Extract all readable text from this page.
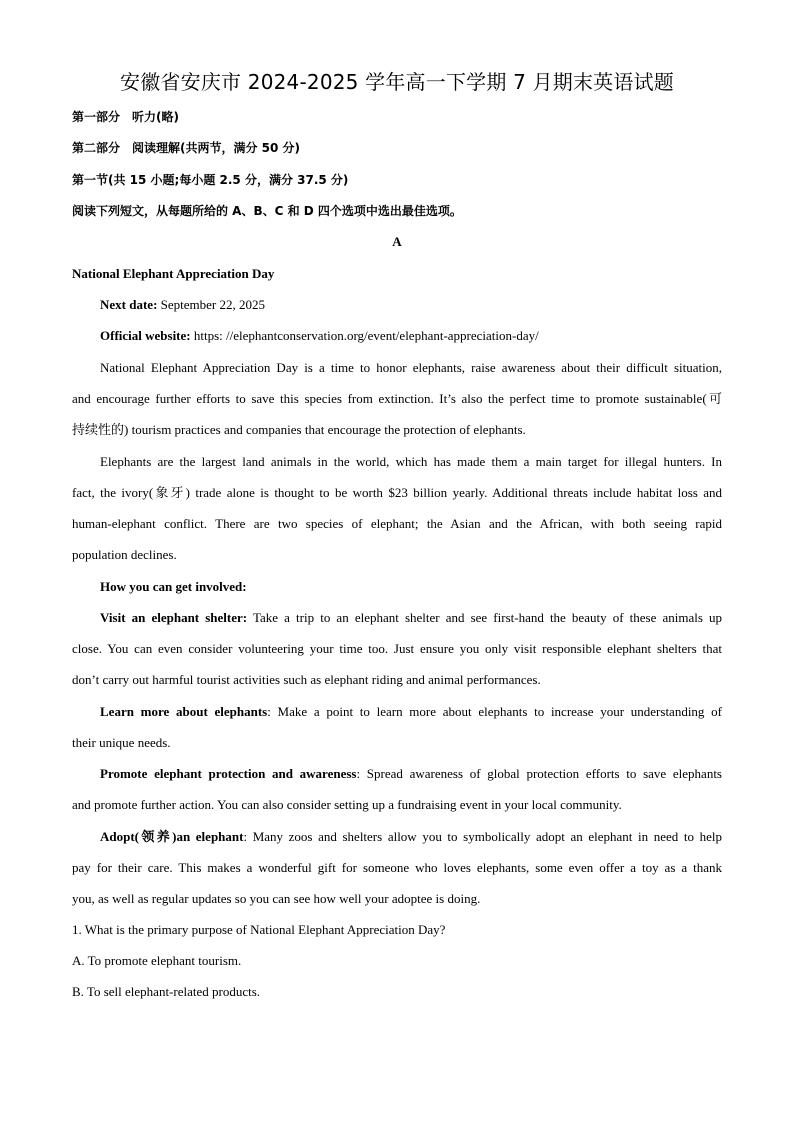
安徽省安庆市 2024-2025 学年高一下学期 7 月期末英语试题
第一部分　听力(略)
第二部分　阅读理解(共两节，满分 50 分)
第一节(共 15 小题;每小题 2.5 分，满分 37.5 分)
阅读下列短文，从每题所给的 A、B、C 和 D 四个选项中选出最佳选项。
A
National Elephant Appreciation Day
Next date: September 22, 2025
Official website: https: //elephantconservation.org/event/elephant-appreciation-day/
National Elephant Appreciation Day is a time to honor elephants, raise awareness about their difficult situation,
and encourage further efforts to save this species from extinction. It’s also the perfect time to promote sustainable(可
持续性的) tourism practices and companies that encourage the protection of elephants.
Elephants are the largest land animals in the world, which has made them a main target for illegal hunters. In
fact, the ivory(象牙) trade alone is thought to be worth $23 billion yearly. Additional threats include habitat loss and
human-elephant conflict. There are two species of elephant; the Asian and the African, with both seeing rapid
population declines.
How you can get involved:
Visit an elephant shelter: Take a trip to an elephant shelter and see first-hand the beauty of these animals up
close. You can even consider volunteering your time too. Just ensure you only visit responsible elephant shelters that
don’t carry out harmful tourist activities such as elephant riding and animal performances.
Learn more about elephants: Make a point to learn more about elephants to increase your understanding of
their unique needs.
Promote elephant protection and awareness: Spread awareness of global protection efforts to save elephants
and promote further action. You can also consider setting up a fundraising event in your local community.
Adopt(领养)an elephant: Many zoos and shelters allow you to symbolically adopt an elephant in need to help
pay for their care. This makes a wonderful gift for someone who loves elephants, some even offer a toy as a thank
you, as well as regular updates so you can see how well your adoptee is doing.
1. What is the primary purpose of National Elephant Appreciation Day?
A. To promote elephant tourism.
B. To sell elephant-related products.
